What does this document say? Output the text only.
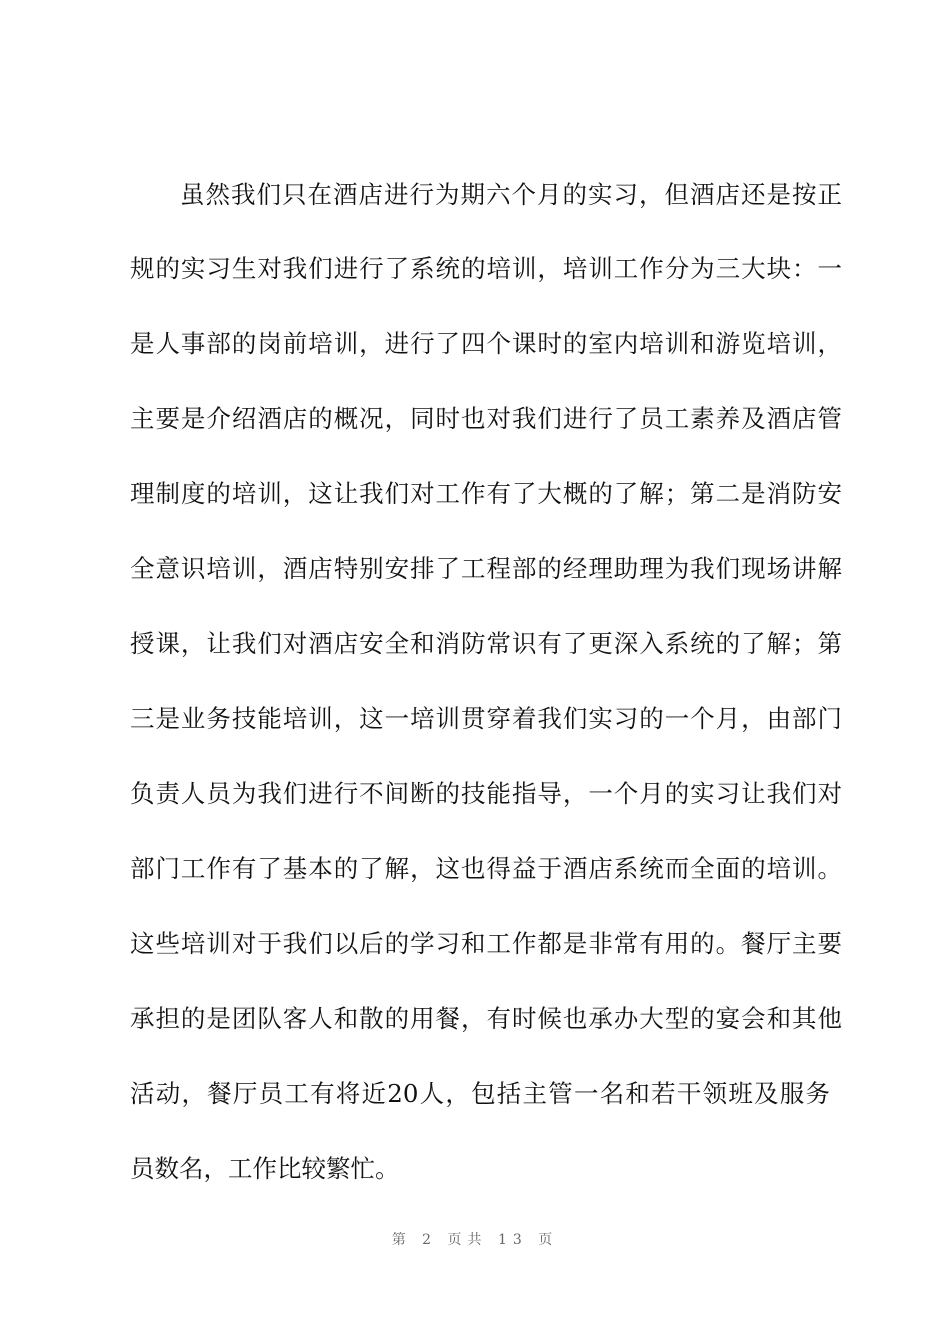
虽然我们只在酒店进行为期六个月的实习，但酒店还是按正
规的实习生对我们进行了系统的培训，培训工作分为三大块：一
是人事部的岗前培训，进行了四个课时的室内培训和游览培训，
主要是介绍酒店的概况，同时也对我们进行了员工素养及酒店管
理制度的培训，这让我们对工作有了大概的了解；第二是消防安
全意识培训，酒店特别安排了工程部的经理助理为我们现场讲解
授课，让我们对酒店安全和消防常识有了更深入系统的了解；第
三是业务技能培训，这一培训贯穿着我们实习的一个月，由部门
负责人员为我们进行不间断的技能指导，一个月的实习让我们对
部门工作有了基本的了解，这也得益于酒店系统而全面的培训。
这些培训对于我们以后的学习和工作都是非常有用的。餐厅主要
承担的是团队客人和散的用餐，有时候也承办大型的宴会和其他
活动，餐厅员工有将近20人，包括主管一名和若干领班及服务
员数名，工作比较繁忙。
第 2 页共 13 页
